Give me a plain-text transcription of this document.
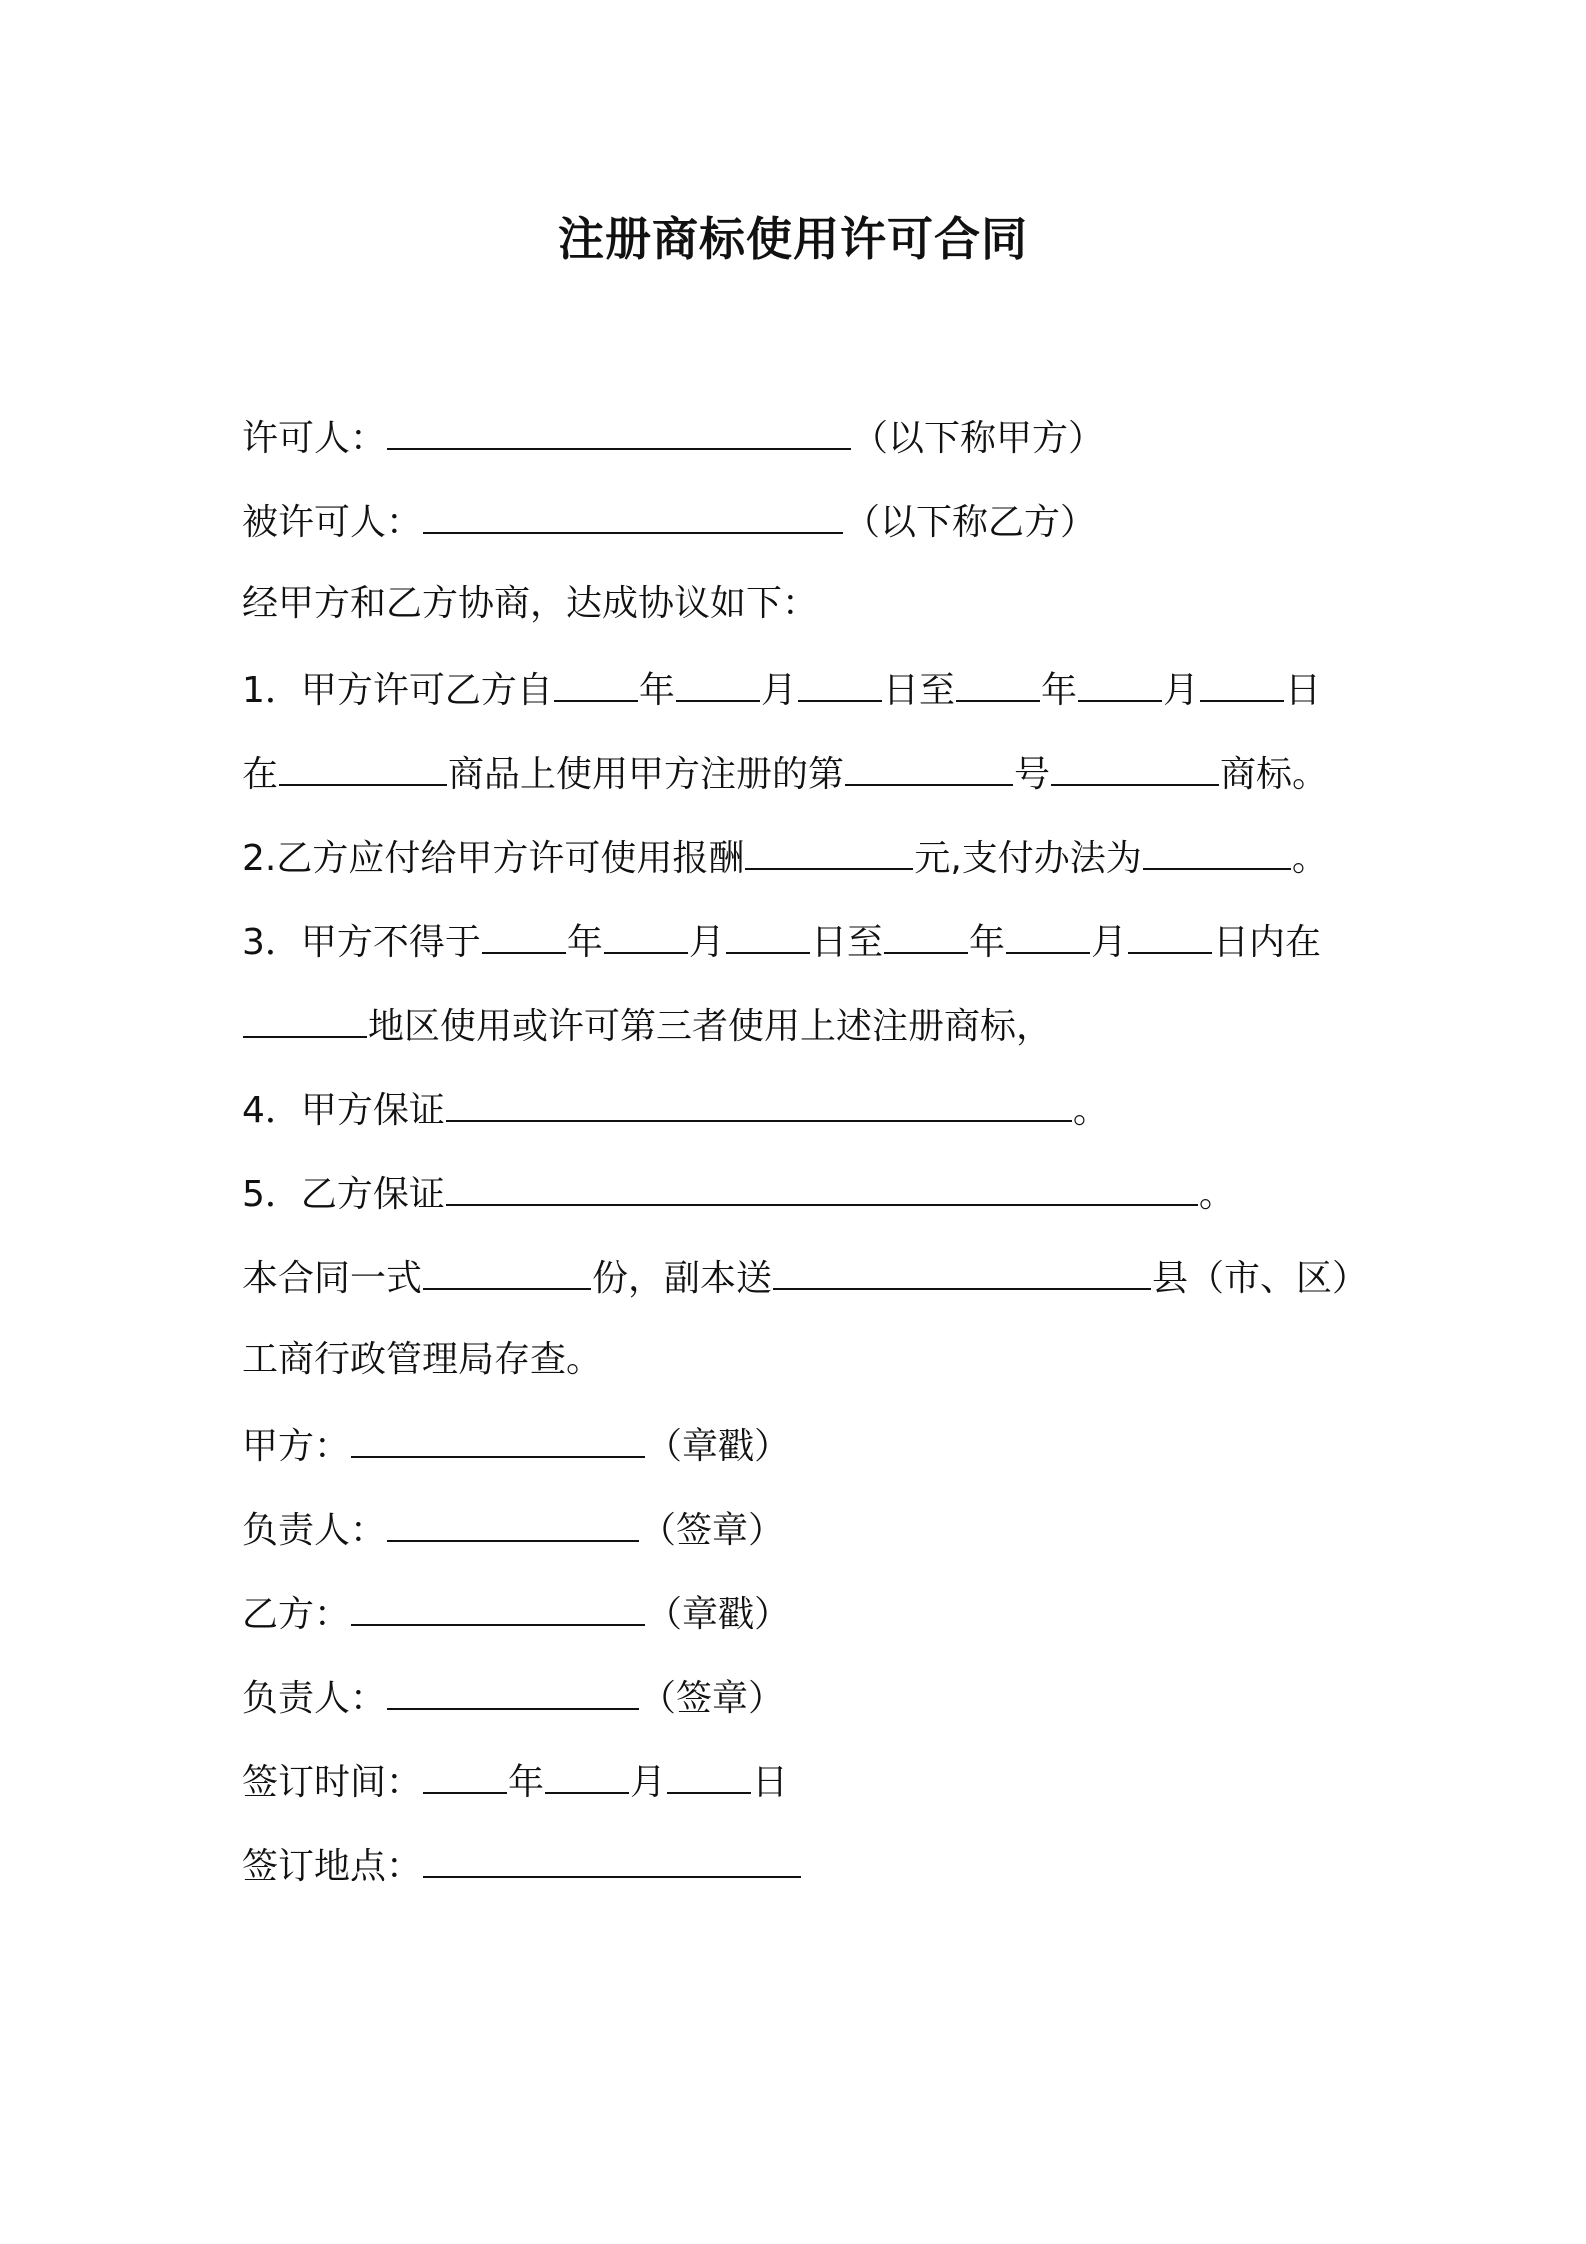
注册商标使用许可合同
许可人：	（以下称甲方）
被许可人：	（以下称乙方）
经甲方和乙方协商，达成协议如下：
1．甲方许可乙方自 年 月 日至 年 月 日
在	商品上使用甲方注册的第	号	商标。
2.乙方应付给甲方许可使用报酬	元,支付办法为	。
3．甲方不得于 年 月 日至 年 月 日内在
地区使用或许可第三者使用上述注册商标，
4．甲方保证	。
5．乙方保证	。
本合同一式	份，副本送	县（市、区）
工商行政管理局存查。
甲方：	（章戳）
负责人：	（签章）
乙方：	（章戳）
负责人：	（签章）
签订时间： 年 月 日
签订地点：
